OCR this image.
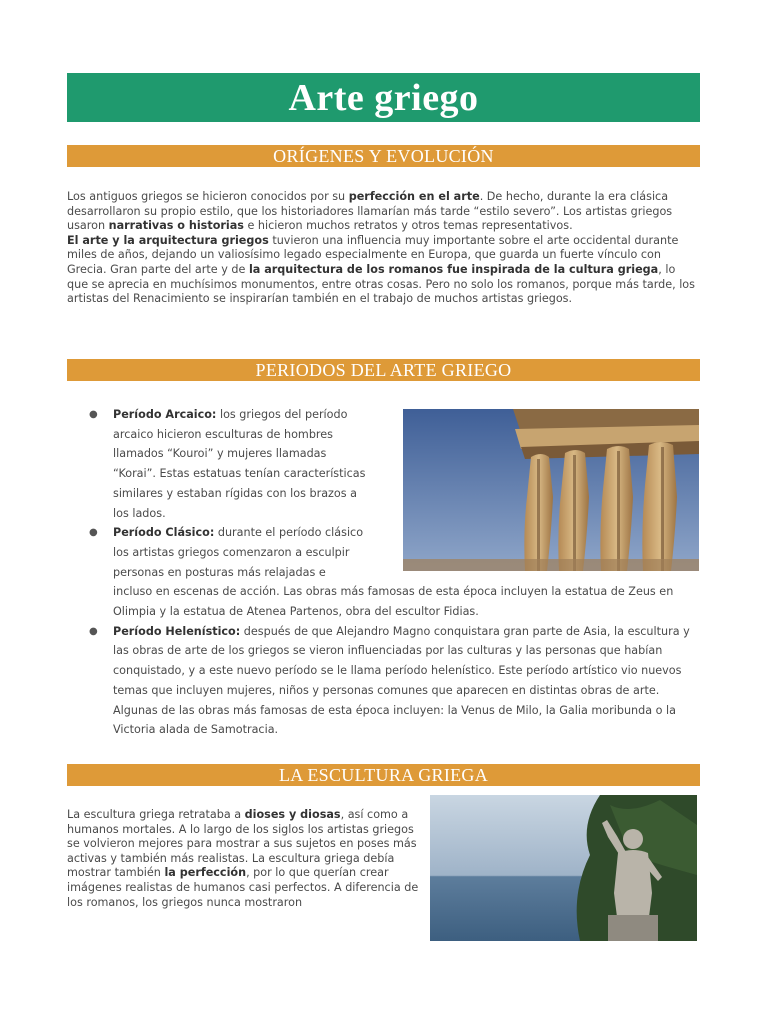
Arte griego
ORÍGENES Y EVOLUCIÓN
Los antiguos griegos se hicieron conocidos por su perfección en el arte. De hecho, durante la era clásica desarrollaron su propio estilo, que los historiadores llamarían más tarde “estilo severo”. Los artistas griegos usaron narrativas o historias e hicieron muchos retratos y otros temas representativos.
El arte y la arquitectura griegos tuvieron una influencia muy importante sobre el arte occidental durante miles de años, dejando un valiosísimo legado especialmente en Europa, que guarda un fuerte vínculo con Grecia. Gran parte del arte y de la arquitectura de los romanos fue inspirada de la cultura griega, lo que se aprecia en muchísimos monumentos, entre otras cosas. Pero no solo los romanos, porque más tarde, los artistas del Renacimiento se inspirarían también en el trabajo de muchos artistas griegos.
PERIODOS DEL ARTE GRIEGO
● Período Arcaico: los griegos del período arcaico hicieron esculturas de hombres llamados “Kouroi” y mujeres llamadas “Korai”. Estas estatuas tenían características similares y estaban rígidas con los brazos a los lados.
● Período Clásico: durante el período clásico los artistas griegos comenzaron a esculpir personas en posturas más relajadas e
incluso en escenas de acción. Las obras más famosas de esta época incluyen la estatua de Zeus en Olimpia y la estatua de Atenea Partenos, obra del escultor Fidias.
● Período Helenístico: después de que Alejandro Magno conquistara gran parte de Asia, la escultura y las obras de arte de los griegos se vieron influenciadas por las culturas y las personas que habían conquistado, y a este nuevo período se le llama período helenístico. Este período artístico vio nuevos temas que incluyen mujeres, niños y personas comunes que aparecen en distintas obras de arte. Algunas de las obras más famosas de esta época incluyen: la Venus de Milo, la Galia moribunda o la Victoria alada de Samotracia.
LA ESCULTURA GRIEGA
La escultura griega retrataba a dioses y diosas, así como a humanos mortales. A lo largo de los siglos los artistas griegos se volvieron mejores para mostrar a sus sujetos en poses más activas y también más realistas. La escultura griega debía mostrar también la perfección, por lo que querían crear imágenes realistas de humanos casi perfectos. A diferencia de los romanos, los griegos nunca mostraron
